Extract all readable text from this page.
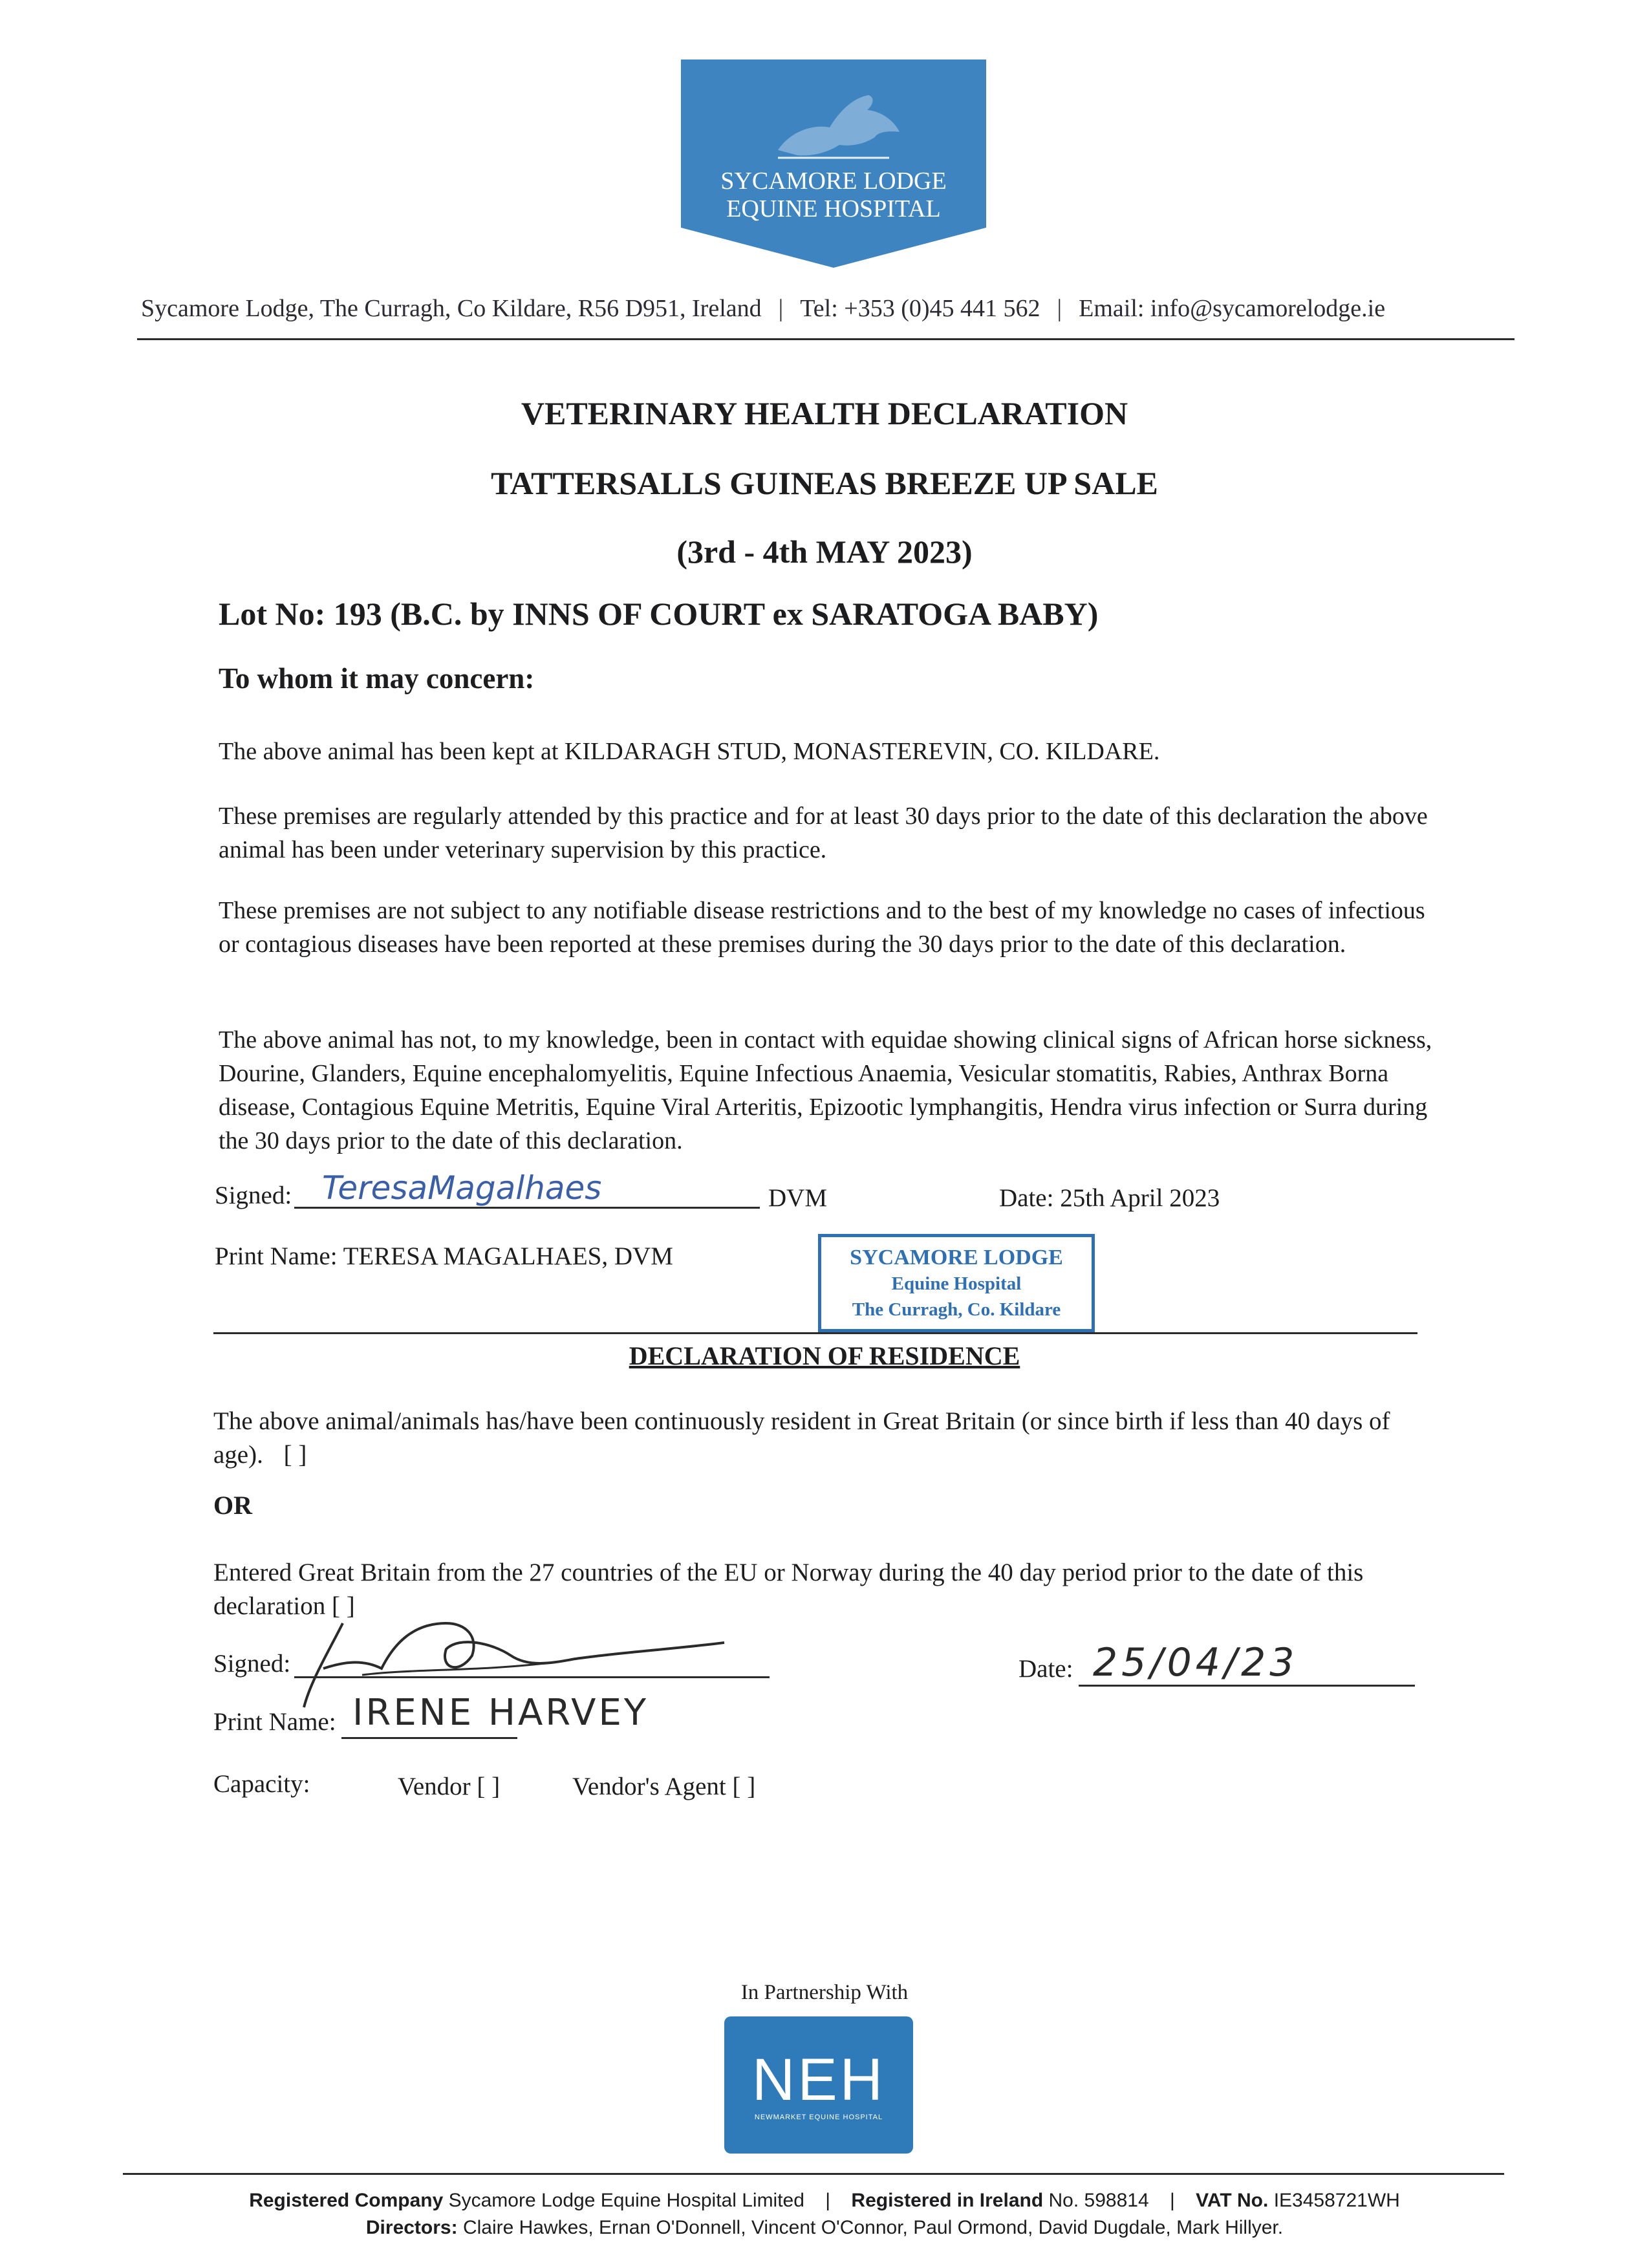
SYCAMORE LODGE
EQUINE HOSPITAL
Sycamore Lodge, The Curragh, Co Kildare, R56 D951, Ireland | Tel: +353 (0)45 441 562 | Email: info@sycamorelodge.ie
VETERINARY HEALTH DECLARATION
TATTERSALLS GUINEAS BREEZE UP SALE
(3rd - 4th MAY 2023)
Lot No: 193 (B.C. by INNS OF COURT ex SARATOGA BABY)
To whom it may concern:
The above animal has been kept at KILDARAGH STUD, MONASTEREVIN, CO. KILDARE.
These premises are regularly attended by this practice and for at least 30 days prior to the date of this declaration the above animal has been under veterinary supervision by this practice.
These premises are not subject to any notifiable disease restrictions and to the best of my knowledge no cases of infectious or contagious diseases have been reported at these premises during the 30 days prior to the date of this declaration.
The above animal has not, to my knowledge, been in contact with equidae showing clinical signs of African horse sickness, Dourine, Glanders, Equine encephalomyelitis, Equine Infectious Anaemia, Vesicular stomatitis, Rabies, Anthrax Borna disease, Contagious Equine Metritis, Equine Viral Arteritis, Epizootic lymphangitis, Hendra virus infection or Surra during the 30 days prior to the date of this declaration.
Signed: TeresaMagalhaes	DVM	Date: 25th April 2023
Print Name: TERESA MAGALHAES, DVM	SYCAMORE LODGE
Equine Hospital
The Curragh, Co. Kildare
DECLARATION OF RESIDENCE
The above animal/animals has/have been continuously resident in Great Britain (or since birth if less than 40 days of age). [ ]
OR
Entered Great Britain from the 27 countries of the EU or Norway during the 40 day period prior to the date of this declaration [ ]
Signed:	Date: 25/04/23
Print Name: IRENE HARVEY
Capacity:	Vendor [ ]	Vendor's Agent [ ]
In Partnership With
NEH
NEWMARKET EQUINE HOSPITAL
Registered Company Sycamore Lodge Equine Hospital Limited | Registered in Ireland No. 598814 | VAT No. IE3458721WH
Directors: Claire Hawkes, Ernan O'Donnell, Vincent O'Connor, Paul Ormond, David Dugdale, Mark Hillyer.
